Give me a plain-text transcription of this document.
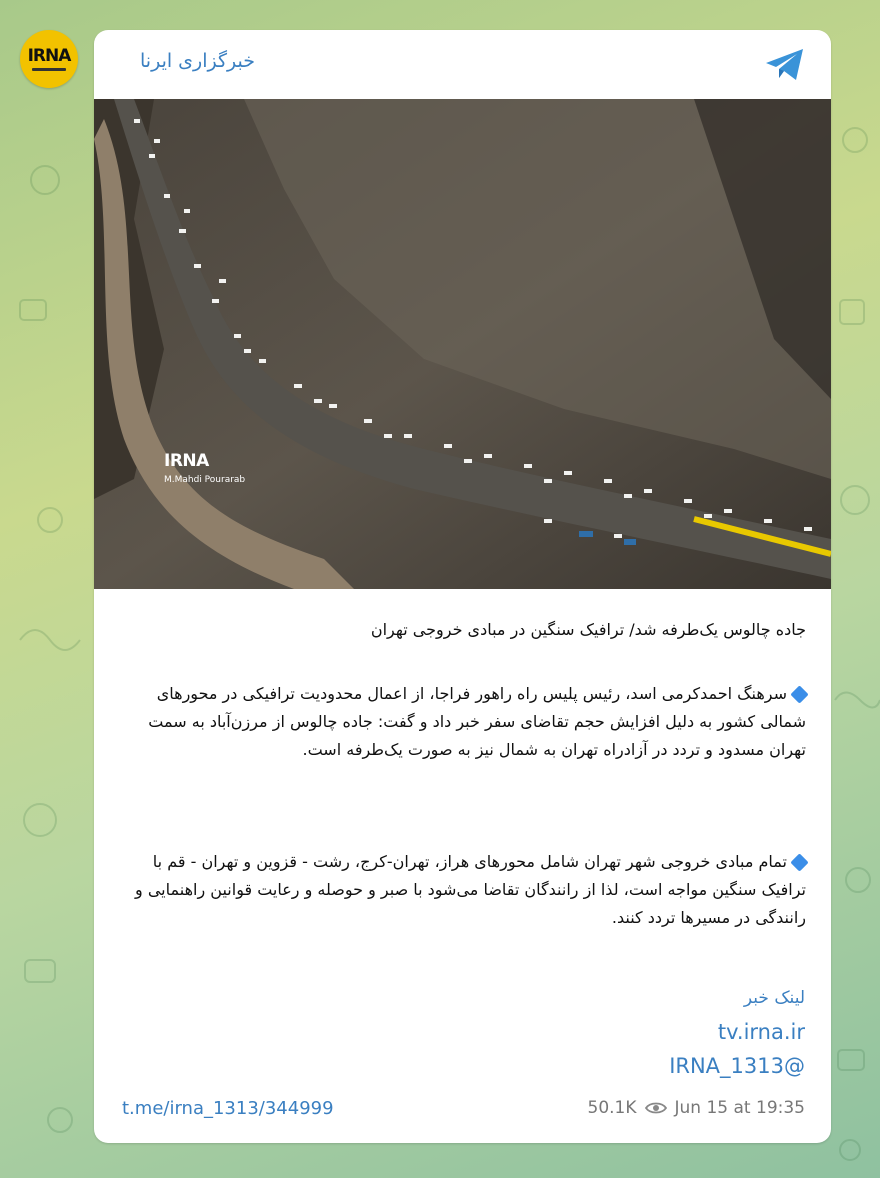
IRNA	خبرگزاری ایرنا
IRNA
M.Mahdi Pourarab
جاده چالوس یک‌طرفه شد/ ترافیک سنگین در مبادی خروجی تهران
سرهنگ احمدکرمی اسد، رئیس پلیس راه راهور فراجا، از اعمال محدودیت ترافیکی در محورهای شمالی کشور به دلیل افزایش حجم تقاضای سفر خبر داد و گفت: جاده چالوس از مرزن‌آباد به سمت تهران مسدود و تردد در آزادراه تهران به شمال نیز به صورت یک‌طرفه است.
تمام مبادی خروجی شهر تهران شامل محورهای هراز، تهران-کرج، رشت - قزوین و تهران - قم با ترافیک سنگین مواجه است، لذا از رانندگان تقاضا می‌شود با صبر و حوصله و رعایت قوانین راهنمایی و رانندگی در مسیرها تردد کنند.
لینک خبر
tv.irna.ir
IRNA_1313@
t.me/irna_1313/344999	50.1K Jun 15 at 19:35
